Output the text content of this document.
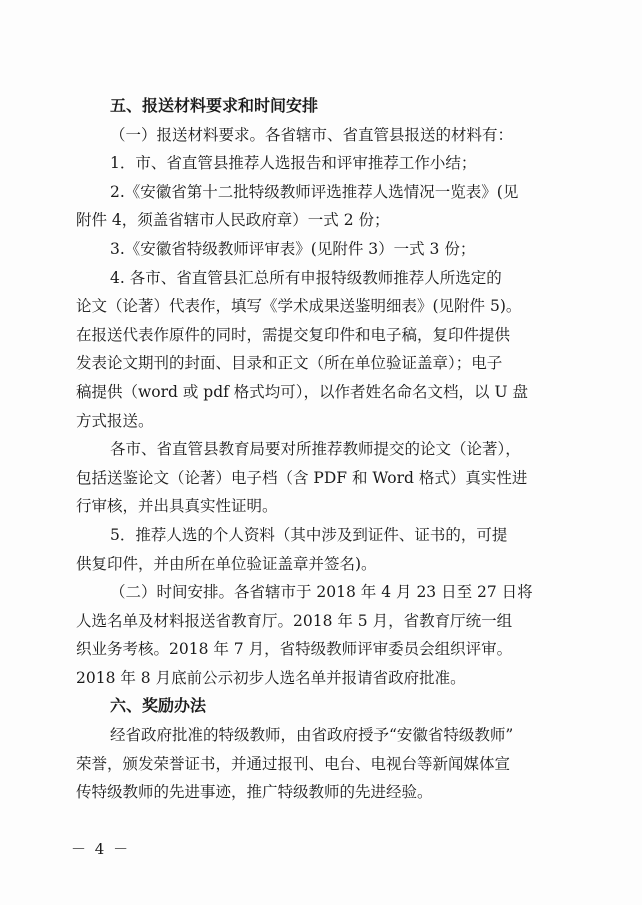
五、报送材料要求和时间安排
（一）报送材料要求。各省辖市、省直管县报送的材料有：
1．市、省直管县推荐人选报告和评审推荐工作小结；
2.《安徽省第十二批特级教师评选推荐人选情况一览表》(见
附件 4，须盖省辖市人民政府章）一式 2 份；
3.《安徽省特级教师评审表》(见附件 3）一式 3 份；
4. 各市、省直管县汇总所有申报特级教师推荐人所选定的
论文（论著）代表作，填写《学术成果送鉴明细表》(见附件 5)。
在报送代表作原件的同时，需提交复印件和电子稿，复印件提供
发表论文期刊的封面、目录和正文（所在单位验证盖章）；电子
稿提供（word 或 pdf 格式均可），以作者姓名命名文档，以 U 盘
方式报送。
各市、省直管县教育局要对所推荐教师提交的论文（论著），
包括送鉴论文（论著）电子档（含 PDF 和 Word 格式）真实性进
行审核，并出具真实性证明。
5．推荐人选的个人资料（其中涉及到证件、证书的，可提
供复印件，并由所在单位验证盖章并签名)。
（二）时间安排。各省辖市于 2018 年 4 月 23 日至 27 日将
人选名单及材料报送省教育厅。2018 年 5 月，省教育厅统一组
织业务考核。2018 年 7 月，省特级教师评审委员会组织评审。
2018 年 8 月底前公示初步人选名单并报请省政府批准。
六、奖励办法
经省政府批准的特级教师，由省政府授予“安徽省特级教师”
荣誉，颁发荣誉证书，并通过报刊、电台、电视台等新闻媒体宣
传特级教师的先进事迹，推广特级教师的先进经验。
－ 4 －
